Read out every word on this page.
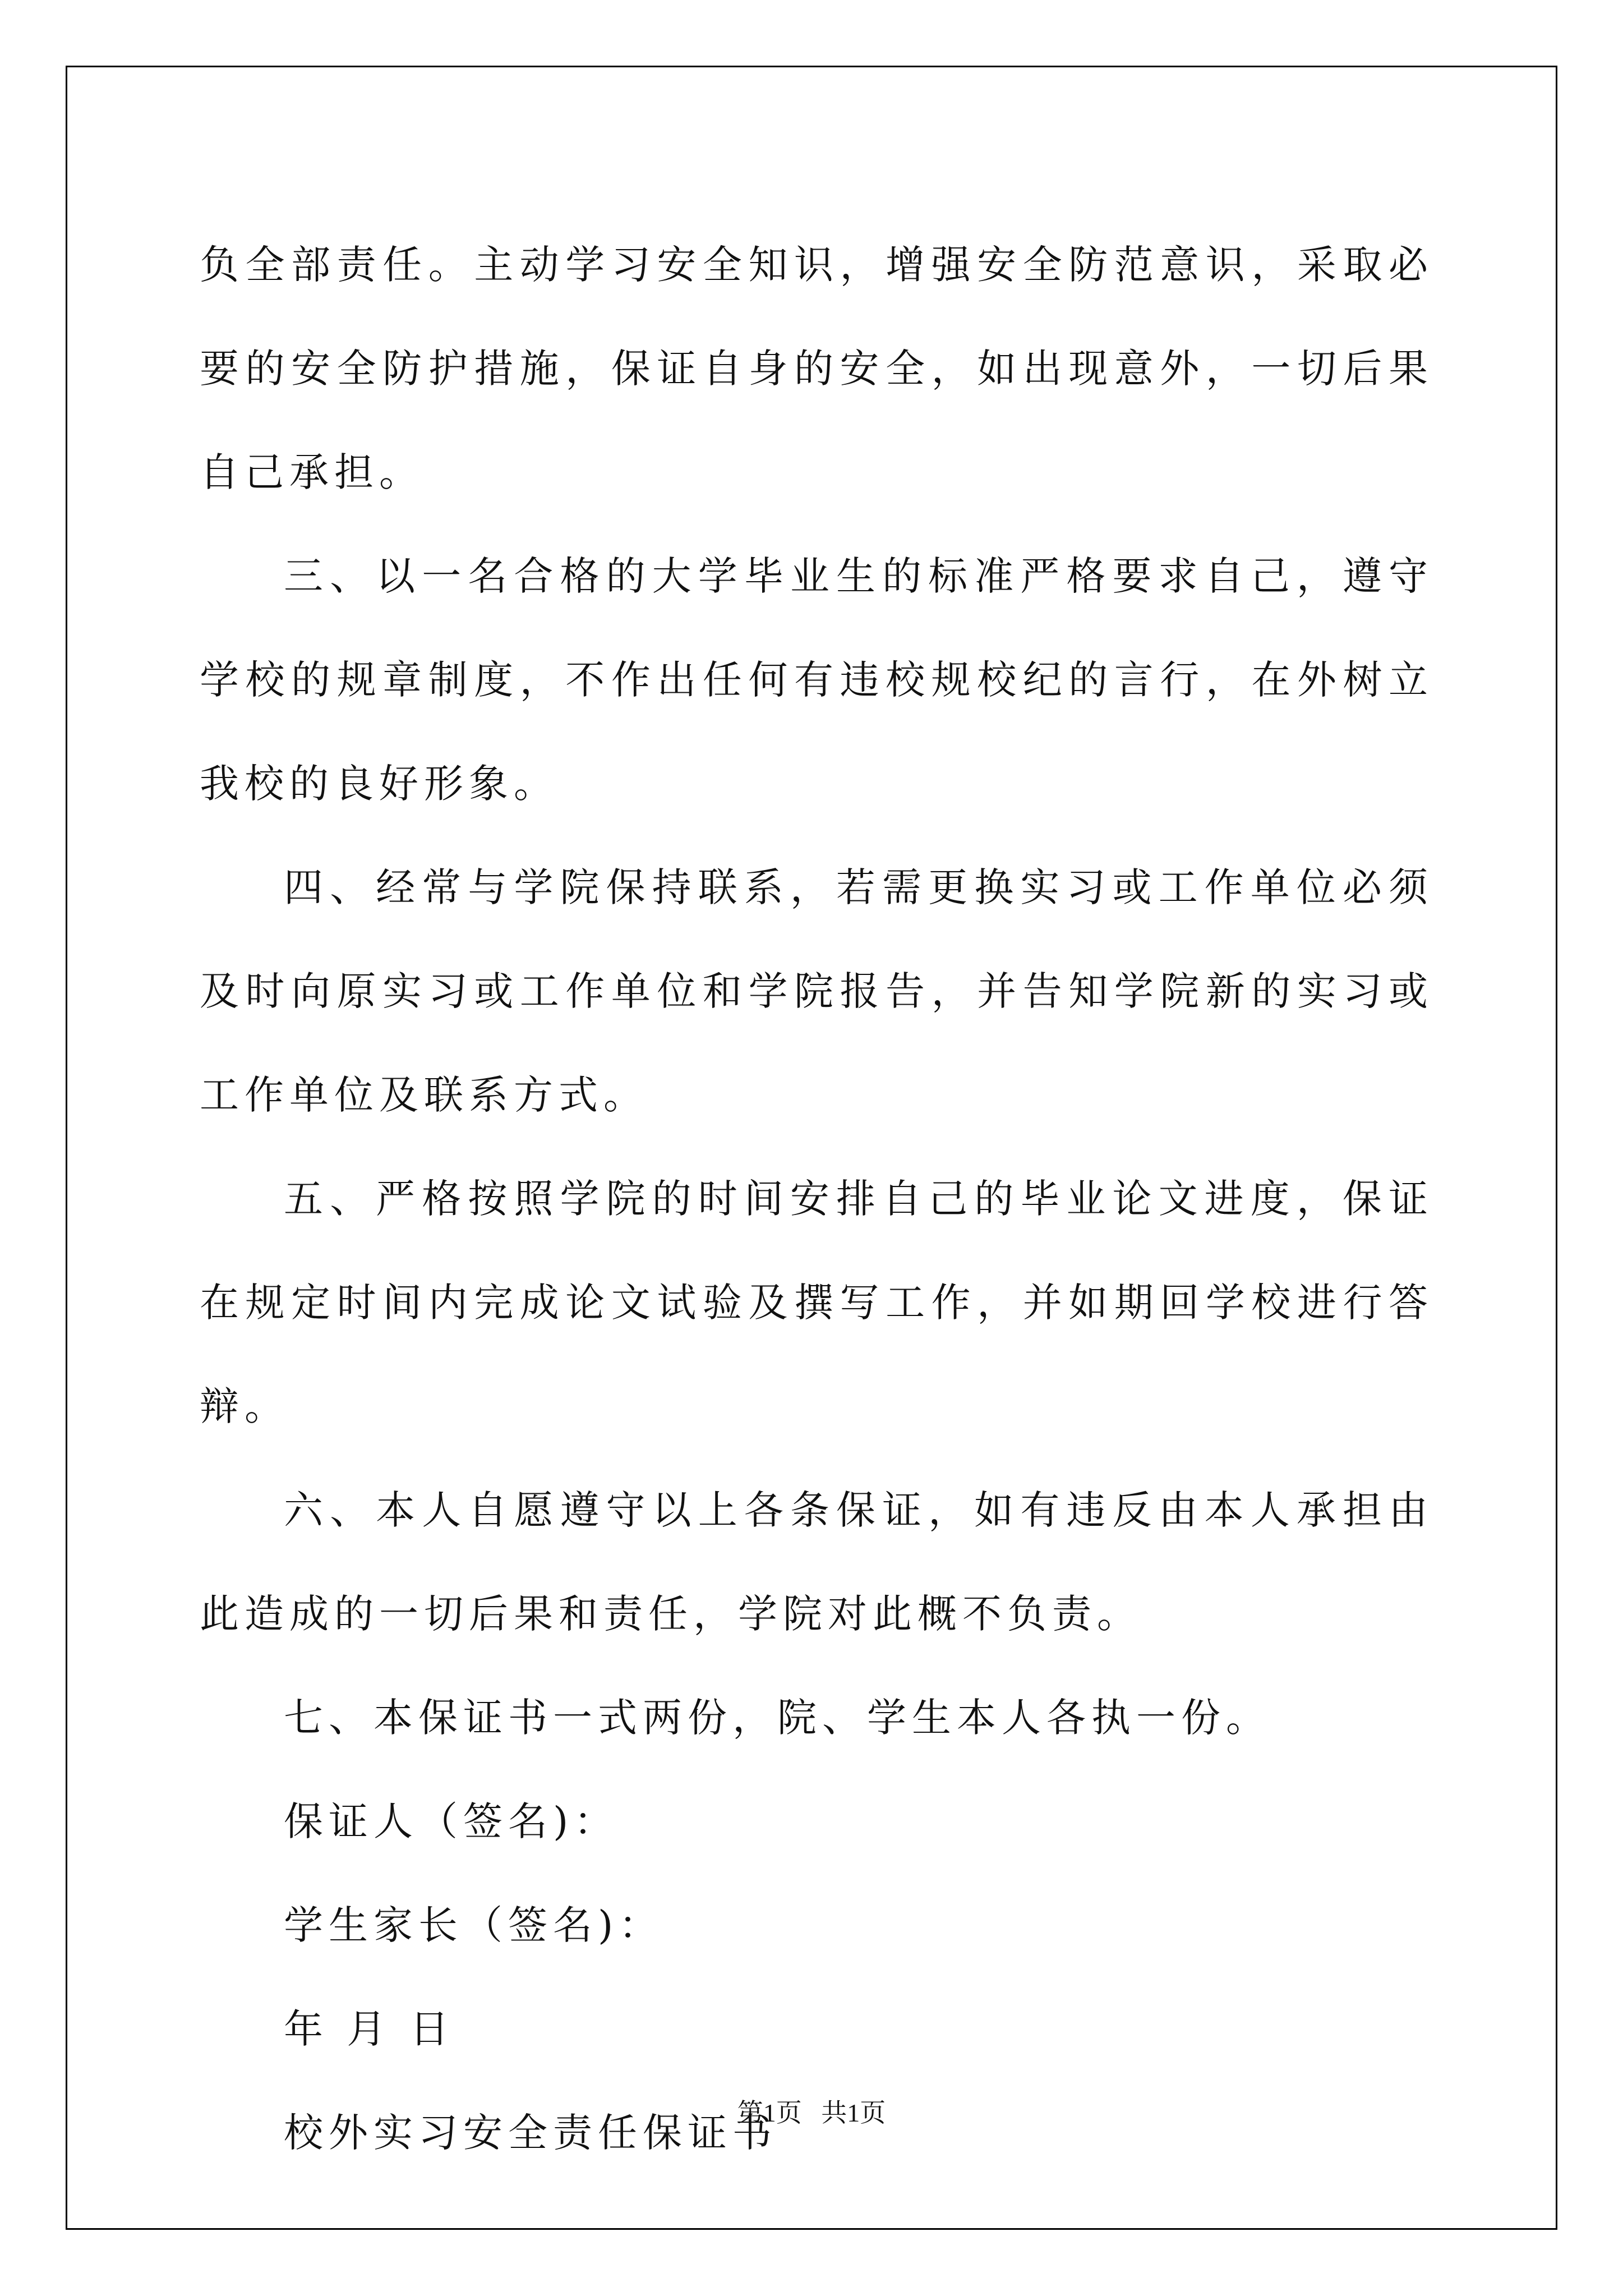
负全部责任。主动学习安全知识，增强安全防范意识，采取必要的安全防护措施，保证自身的安全，如出现意外，一切后果自己承担。

三、以一名合格的大学毕业生的标准严格要求自己，遵守学校的规章制度，不作出任何有违校规校纪的言行，在外树立我校的良好形象。

四、经常与学院保持联系，若需更换实习或工作单位必须及时向原实习或工作单位和学院报告，并告知学院新的实习或工作单位及联系方式。

五、严格按照学院的时间安排自己的毕业论文进度，保证在规定时间内完成论文试验及撰写工作，并如期回学校进行答辩。

六、本人自愿遵守以上各条保证，如有违反由本人承担由此造成的一切后果和责任，学院对此概不负责。

七、本保证书一式两份，院、学生本人各执一份。

保证人（签名)：

学生家长（签名)：

年 月 日

校外实习安全责任保证书

第1页   共1页
